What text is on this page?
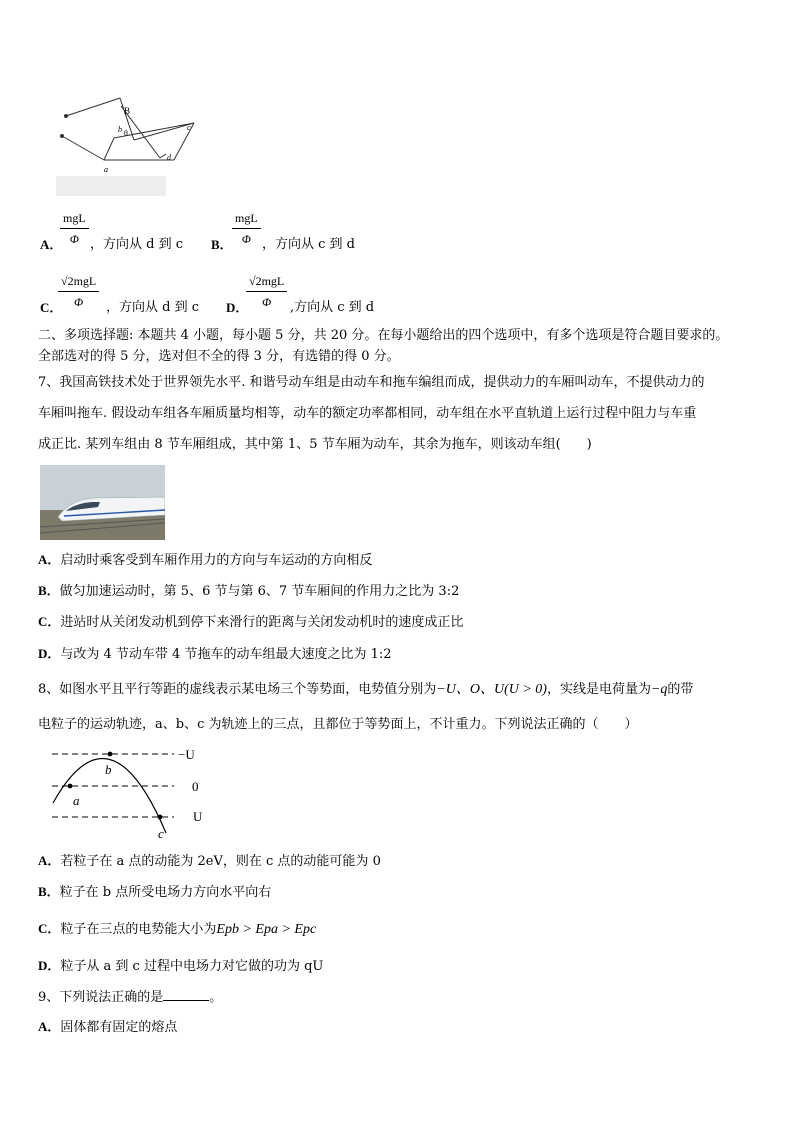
B
b θ
c
a
d
mgL
Φ
A． ，方向从 d 到 c
mgL
Φ
B． ，方向从 c 到 d
√2mgL
Φ
C．	，方向从 d 到 c
√2mgL
Φ
D．	,方向从 c 到 d
二、多项选择题: 本题共 4 小题，每小题 5 分，共 20 分。在每小题给出的四个选项中，有多个选项是符合题目要求的。
全部选对的得 5 分，选对但不全的得 3 分，有选错的得 0 分。
7、我国高铁技术处于世界领先水平. 和谐号动车组是由动车和拖车编组而成，提供动力的车厢叫动车，不提供动力的
车厢叫拖车. 假设动车组各车厢质量均相等，动车的额定功率都相同，动车组在水平直轨道上运行过程中阻力与车重
成正比. 某列车组由 8 节车厢组成，其中第 1、5 节车厢为动车，其余为拖车，则该动车组(　　)
A．启动时乘客受到车厢作用力的方向与车运动的方向相反
B．做匀加速运动时，第 5、6 节与第 6、7 节车厢间的作用力之比为 3:2
C．进站时从关闭发动机到停下来滑行的距离与关闭发动机时的速度成正比
D．与改为 4 节动车带 4 节拖车的动车组最大速度之比为 1:2
8、如图水平且平行等距的虚线表示某电场三个等势面，电势值分别为−U、O、U(U > 0)，实线是电荷量为−q的带
电粒子的运动轨迹，a、b、c 为轨迹上的三点，且都位于等势面上，不计重力。下列说法正确的（　　）
−U
0
U
a
b
c
A．若粒子在 a 点的动能为 2eV，则在 c 点的动能可能为 0
B．粒子在 b 点所受电场力方向水平向右
C．粒子在三点的电势能大小为Epb > Epa > Epc
D．粒子从 a 到 c 过程中电场力对它做的功为 qU
9、下列说法正确的是	。
A．固体都有固定的熔点
